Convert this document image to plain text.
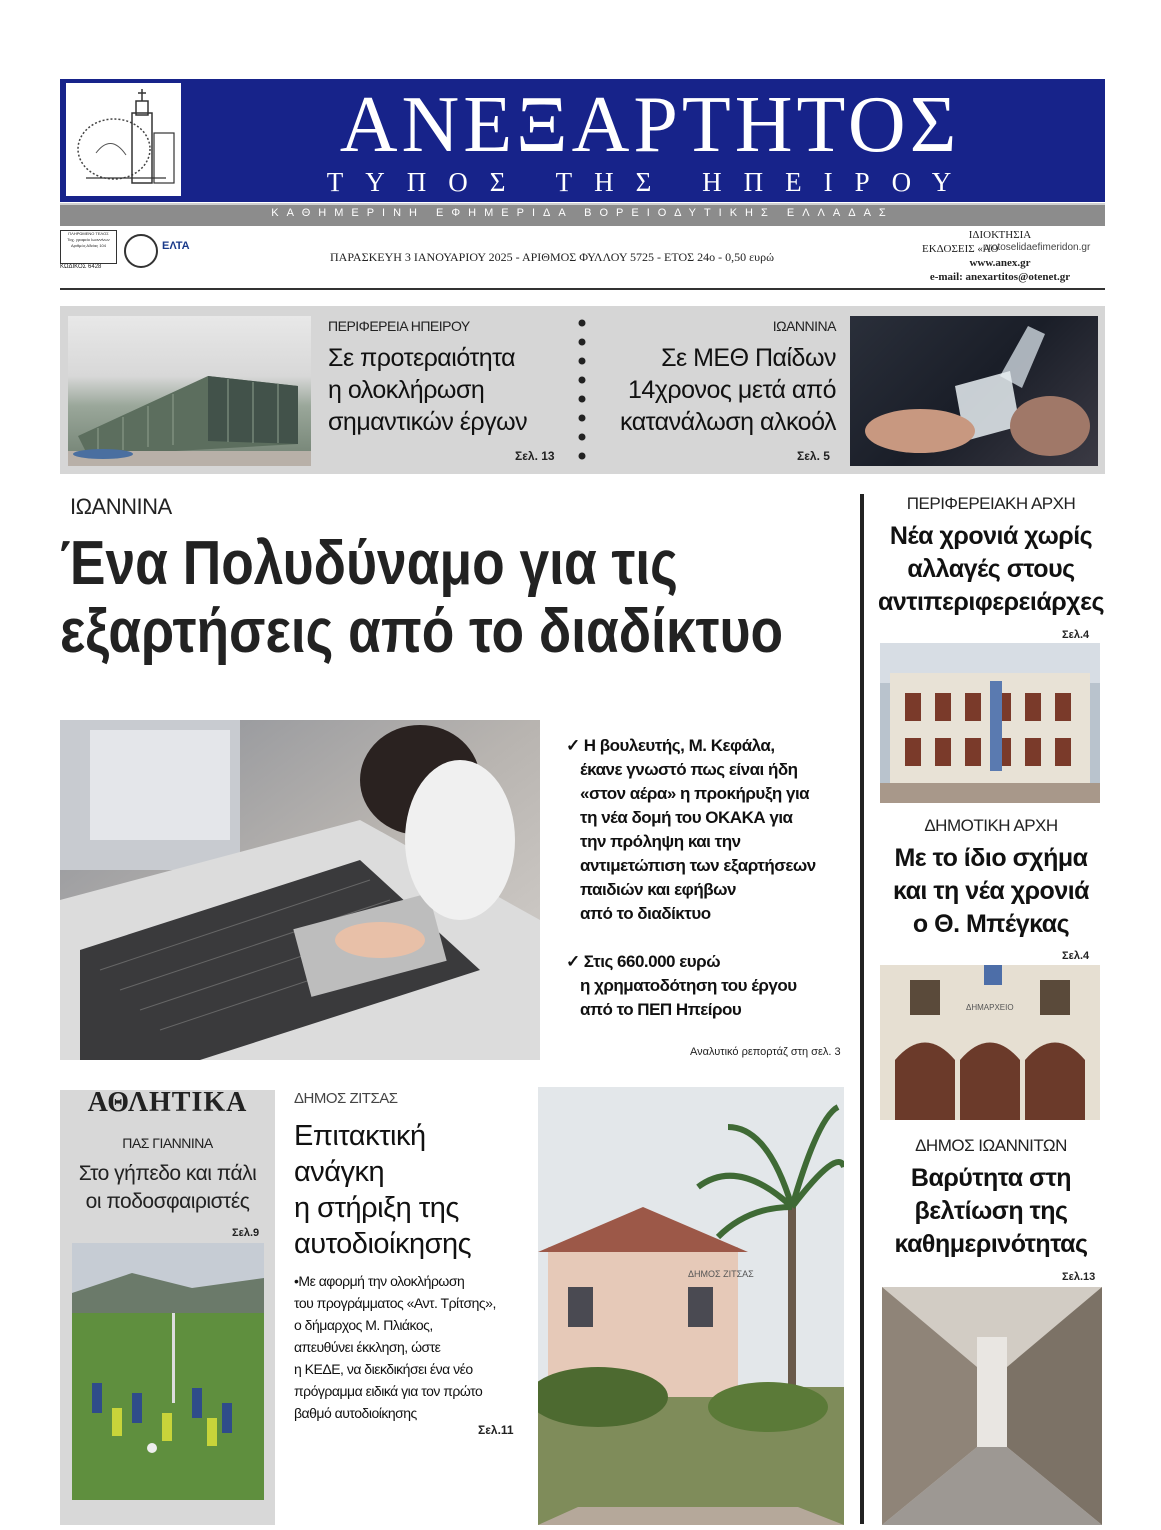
ΑΝΕΞΑΡΤΗΤΟΣ
ΤΥΠΟΣ ΤΗΣ ΗΠΕΙΡΟΥ
ΚΑΘΗΜΕΡΙΝΗ ΕΦΗΜΕΡΙΔΑ ΒΟΡΕΙΟΔΥΤΙΚΗΣ ΕΛΛΑΔΑΣ
ΠΛΗΡΩΜΕΝΟ ΤΕΛΟΣ
Ταχ. γραφείο Ιωαννίνων
Αριθμός Αδείας 104
ΚΩΔΙΚΟΣ 6428
ΕΛΤΑ
ΠΑΡΑΣΚΕΥΗ 3 ΙΑΝΟΥΑΡΙΟΥ 2025 - ΑΡΙΘΜΟΣ ΦΥΛΛΟΥ 5725 - ΕΤΟΣ 24ο - 0,50 ευρώ
ΙΔΙΟΚΤΗΣΙΑ
ΕΚΔΟΣΕΙΣ «ΛΟ
www.anex.gr
e-mail: anexartitos@otenet.gr
protoselidaefimeridon.gr
ΠΕΡΙΦΕΡΕΙΑ ΗΠΕΙΡΟΥ
Σε προτεραιότητα
η ολοκλήρωση
σημαντικών έργων
Σελ. 13
ΙΩΑΝΝΙΝΑ
Σε ΜΕΘ Παίδων
14χρονος μετά από
κατανάλωση αλκοόλ
Σελ. 5
ΙΩΑΝΝΙΝΑ
Ένα Πολυδύναμο για τις
εξαρτήσεις από το διαδίκτυο
✓ Η βουλευτής, Μ. Κεφάλα,
έκανε γνωστό πως είναι ήδη
«στον αέρα» η προκήρυξη για
τη νέα δομή του ΟΚΑΚΑ για
την πρόληψη και την
αντιμετώπιση των εξαρτήσεων
παιδιών και εφήβων
από το διαδίκτυο
✓ Στις 660.000 ευρώ
η χρηματοδότηση του έργου
από το ΠΕΠ Ηπείρου
Αναλυτικό ρεπορτάζ στη σελ. 3
ΠΕΡΙΦΕΡΕΙΑΚΗ ΑΡΧΗ
Νέα χρονιά χωρίς
αλλαγές στους
αντιπεριφερειάρχες
Σελ.4
ΔΗΜΟΤΙΚΗ ΑΡΧΗ
Με το ίδιο σχήμα
και τη νέα χρονιά
ο Θ. Μπέγκας
Σελ.4
ΔΗΜΑΡΧΕΙΟ
ΔΗΜΟΣ ΙΩΑΝΝΙΤΩΝ
Βαρύτητα στη
βελτίωση της
καθημερινότητας
Σελ.13
ΑΘΛΗΤΙΚΑ
ΠΑΣ ΓΙΑΝΝΙΝΑ
Στο γήπεδο και πάλι
οι ποδοσφαιριστές
Σελ.9
ΔΗΜΟΣ ΖΙΤΣΑΣ
Επιτακτική
ανάγκη
η στήριξη της
αυτοδιοίκησης
•Με αφορμή την ολοκλήρωση
του προγράμματος «Αντ. Τρίτσης»,
ο δήμαρχος Μ. Πλιάκος,
απευθύνει έκκληση, ώστε
η ΚΕΔΕ, να διεκδικήσει ένα νέο
πρόγραμμα ειδικά για τον πρώτο
βαθμό αυτοδιοίκησης
Σελ.11
ΔΗΜΟΣ ΖΙΤΣΑΣ
